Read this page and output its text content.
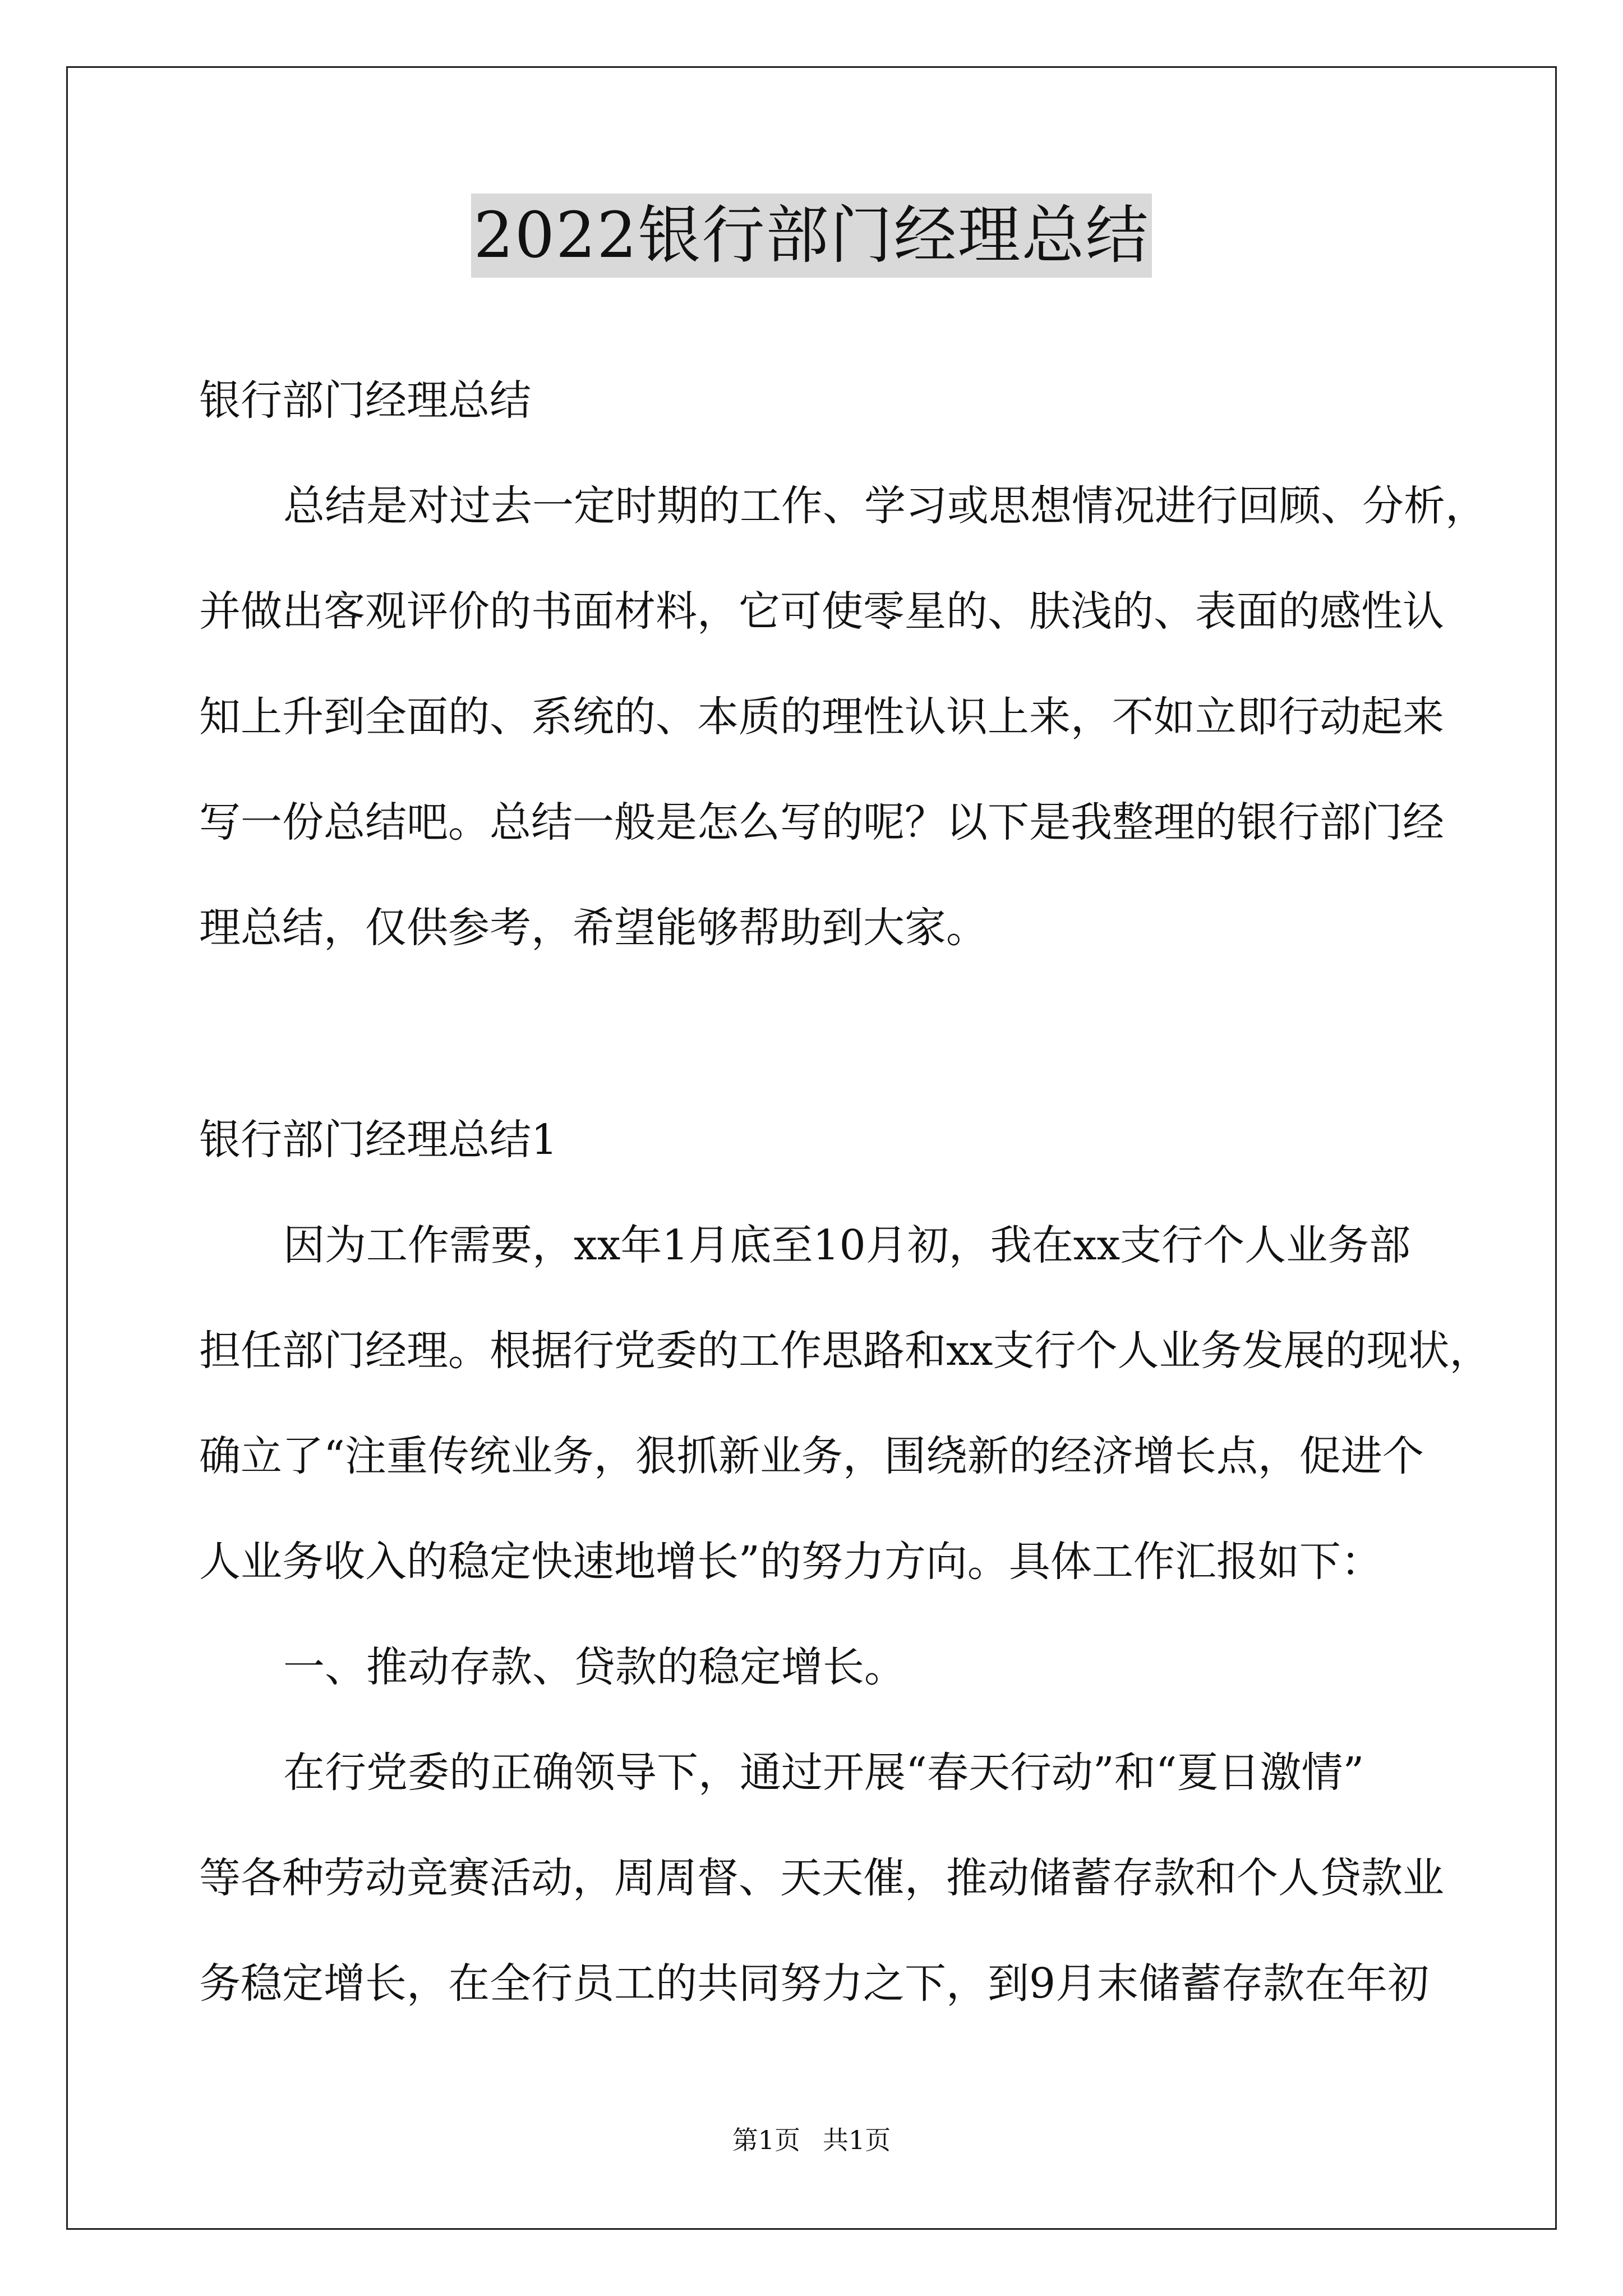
2022银行部门经理总结

银行部门经理总结

总结是对过去一定时期的工作、学习或思想情况进行回顾、分析，

并做出客观评价的书面材料，它可使零星的、肤浅的、表面的感性认

知上升到全面的、系统的、本质的理性认识上来，不如立即行动起来

写一份总结吧。总结一般是怎么写的呢？以下是我整理的银行部门经

理总结，仅供参考，希望能够帮助到大家。

银行部门经理总结1

因为工作需要，xx年1月底至10月初，我在xx支行个人业务部

担任部门经理。根据行党委的工作思路和xx支行个人业务发展的现状，

确立了“注重传统业务，狠抓新业务，围绕新的经济增长点，促进个

人业务收入的稳定快速地增长”的努力方向。具体工作汇报如下：

一、推动存款、贷款的稳定增长。

在行党委的正确领导下，通过开展“春天行动”和“夏日激情”

等各种劳动竞赛活动，周周督、天天催，推动储蓄存款和个人贷款业

务稳定增长，在全行员工的共同努力之下，到9月末储蓄存款在年初

第1页 共1页
